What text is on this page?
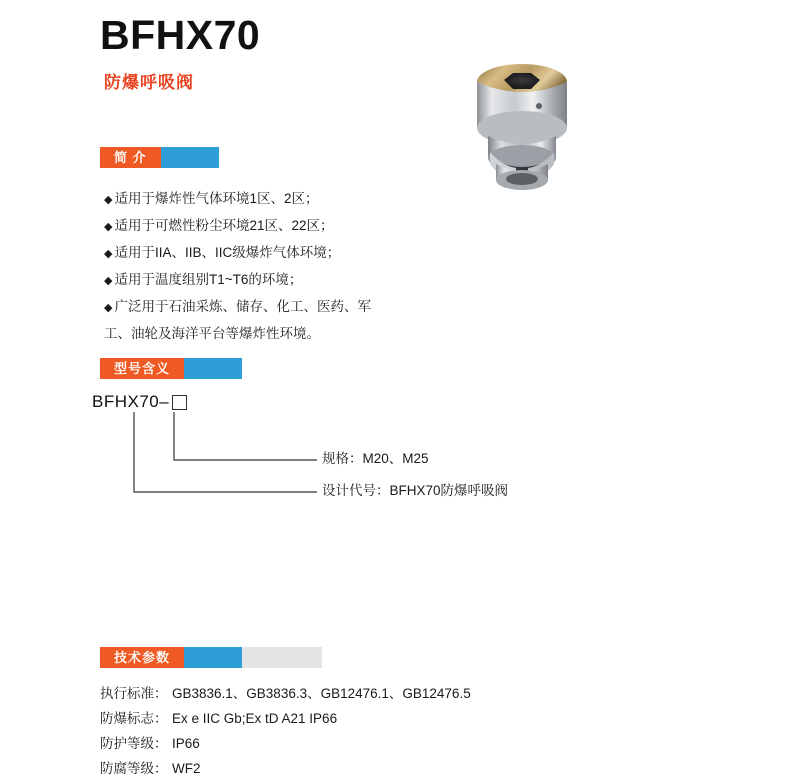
BFHX70
防爆呼吸阀
简 介
◆ 适用于爆炸性气体环境1区、2区；
◆ 适用于可燃性粉尘环境21区、22区；
◆ 适用于IIA、IIB、IIC级爆炸气体环境；
◆ 适用于温度组别T1~T6的环境；
◆ 广泛用于石油采炼、储存、化工、医药、军工、油轮及海洋平台等爆炸性环境。
型号含义
BFHX70–
规格：M20、M25
设计代号：BFHX70防爆呼吸阀
技术参数
执行标准： GB3836.1、GB3836.3、GB12476.1、GB12476.5
防爆标志： Ex e IIC Gb;Ex tD A21 IP66
防护等级： IP66
防腐等级： WF2
